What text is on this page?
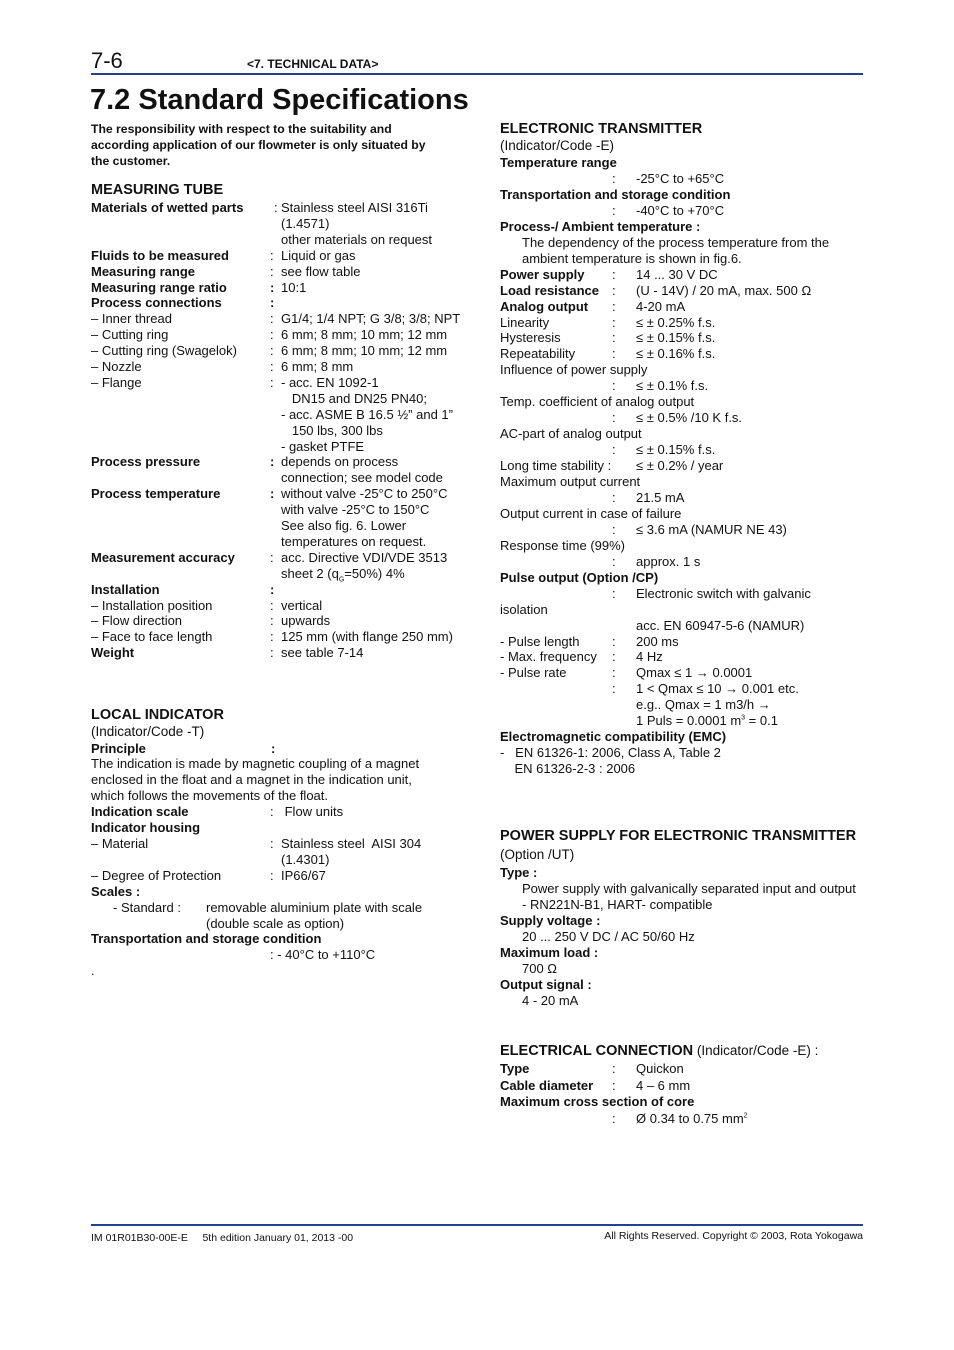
7-6	<7. TECHNICAL DATA>
7.2 Standard Specifications
The responsibility with respect to the suitability and
according application of our flowmeter is only situated by
the customer.
MEASURING TUBE
Materials of wetted parts : Stainless steel AISI 316Ti
(1.4571)
other materials on request
Fluids to be measured	: Liquid or gas
Measuring range	: see flow table
Measuring range ratio	: 10:1
Process connections	:
– Inner thread	: G1/4; 1/4 NPT; G 3/8; 3/8; NPT
– Cutting ring	: 6 mm; 8 mm; 10 mm; 12 mm
– Cutting ring (Swagelok)	: 6 mm; 8 mm; 10 mm; 12 mm
– Nozzle	: 6 mm; 8 mm
– Flange	: - acc. EN 1092-1
DN15 and DN25 PN40;
- acc. ASME B 16.5 ½” and 1”
150 lbs, 300 lbs
- gasket PTFE
Process pressure	: depends on process
connection; see model code
Process temperature	: without valve -25°C to 250°C
with valve -25°C to 150°C
See also fig. 6. Lower
temperatures on request.
Measurement accuracy	: acc. Directive VDI/VDE 3513
sheet 2 $(q_G=50\%)$ 4%
Installation	:
– Installation position	: vertical
– Flow direction	: upwards
– Face to face length	: 125 mm (with flange 250 mm)
Weight	: see table 7-14
LOCAL INDICATOR
(Indicator/Code -T)
Principle	:
The indication is made by magnetic coupling of a magnet
enclosed in the float and a magnet in the indication unit,
which follows the movements of the float.
Indication scale	: Flow units
Indicator housing
– Material	: Stainless steel  AISI 304
(1.4301)
– Degree of Protection	: IP66/67
Scales :
- Standard : removable aluminium plate with scale
(double scale as option)
Transportation and storage condition
: - 40°C to +110°C
.
ELECTRONIC TRANSMITTER
(Indicator/Code -E)
Temperature range
: -25°C to +65°C
Transportation and storage condition
: -40°C to +70°C
Process-/ Ambient temperature :
The dependency of the process temperature from the
ambient temperature is shown in fig.6.
Power supply : 14 ... 30 V DC
Load resistance : (U - 14V) / 20 mA, max. 500 Ω
Analog output : 4-20 mA
Linearity	: ≤ ± 0.25% f.s.
Hysteresis	: ≤ ± 0.15% f.s.
Repeatability	: ≤ ± 0.16% f.s.
Influence of power supply
: ≤ ± 0.1% f.s.
Temp. coefficient of analog output
: ≤ ± 0.5% /10 K f.s.
AC-part of analog output
: ≤ ± 0.15% f.s.
Long time stability : ≤ ± 0.2% / year
Maximum output current
: 21.5 mA
Output current in case of failure
: ≤ 3.6 mA (NAMUR NE 43)
Response time (99%)
: approx. 1 s
Pulse output (Option /CP)
: Electronic switch with galvanic
isolation
acc. EN 60947-5-6 (NAMUR)
- Pulse length	: 200 ms
- Max. frequency : 4 Hz
- Pulse rate	: Qmax ≤ 1 → 0.0001
: 1 < Qmax ≤ 10 → 0.001 etc.
e.g.. Qmax = 1 m3/h →
1 Puls = 0.0001 $m^3 = 0.1$
Electromagnetic compatibility (EMC)
-   EN 61326-1: 2006, Class A, Table 2
EN 61326-2-3 : 2006
POWER SUPPLY FOR ELECTRONIC TRANSMITTER
(Option /UT)
Type :
Power supply with galvanically separated input and output
- RN221N-B1, HART- compatible
Supply voltage :
20 ... 250 V DC / AC 50/60 Hz
Maximum load :
700 Ω
Output signal :
4 - 20 mA
ELECTRICAL CONNECTION (Indicator/Code -E) :
Type	: Quickon
Cable diameter : 4 – 6 mm
Maximum cross section of core
: Ø 0.34 to 0.75 $mm^2$
IM 01R01B30-00E-E     5th edition January 01, 2013 -00	All Rights Reserved. Copyright © 2003, Rota Yokogawa
